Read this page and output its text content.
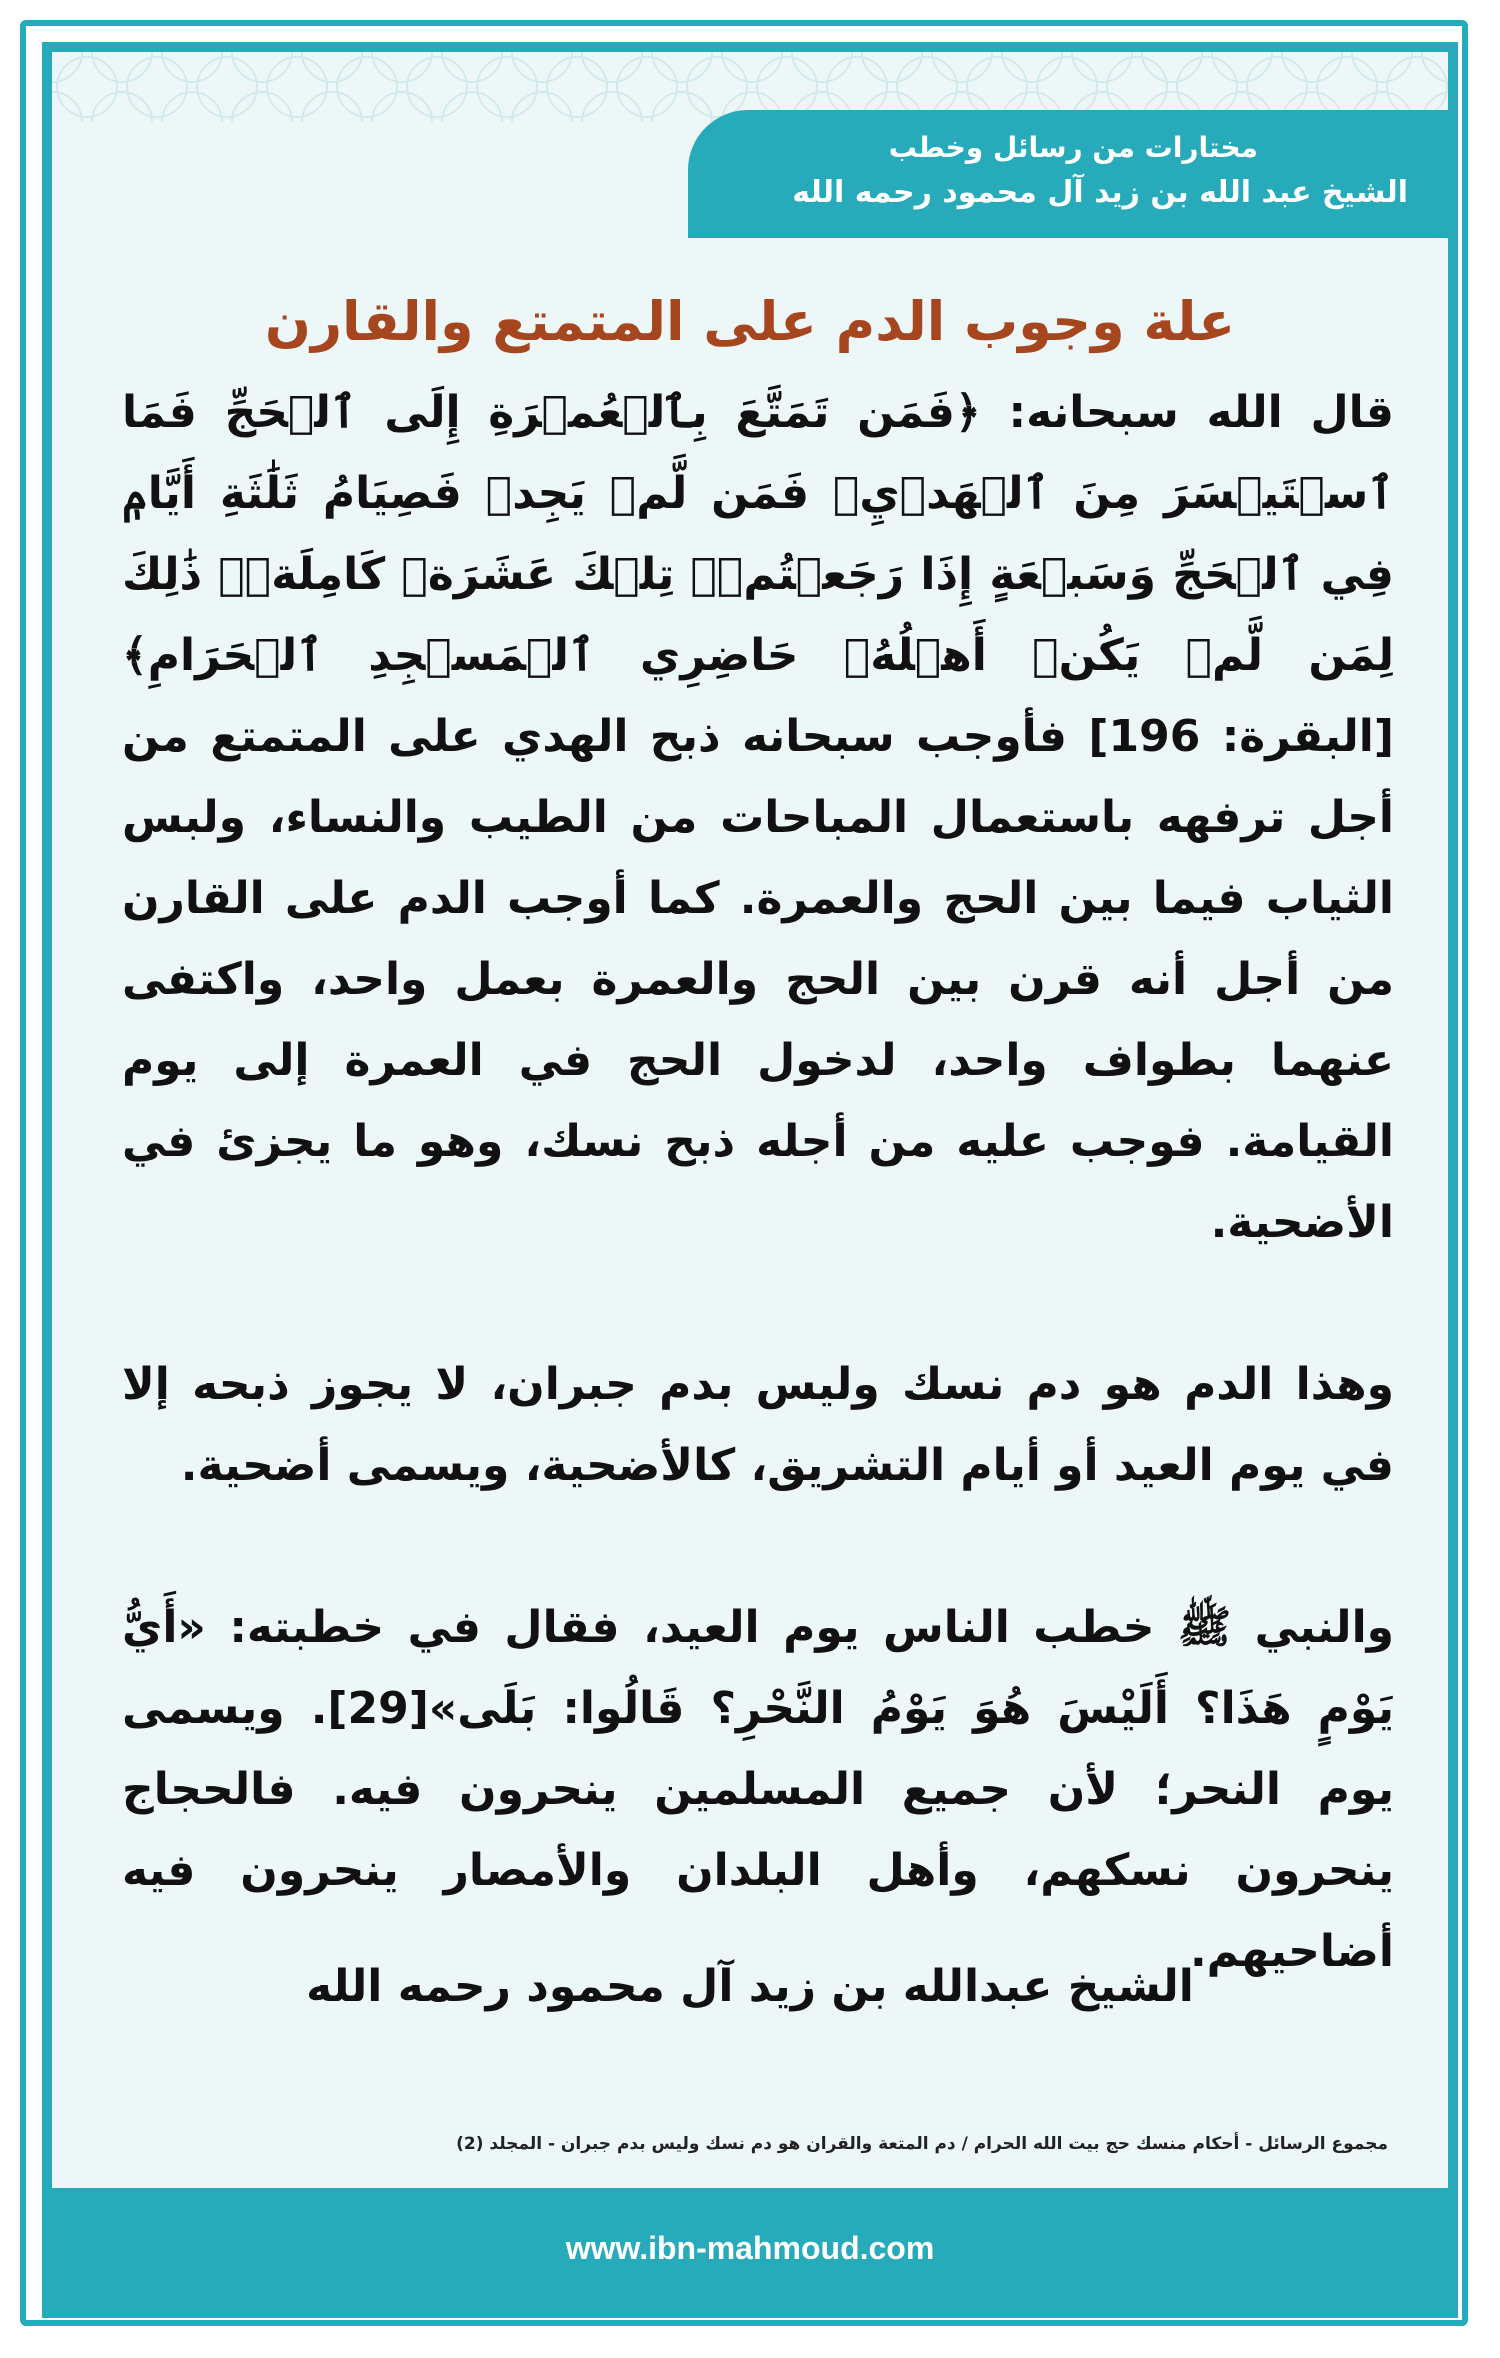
مختارات من رسائل وخطب
الشيخ عبد الله بن زيد آل محمود رحمه الله
علة وجوب الدم على المتمتع والقارن

قال الله سبحانه: ﴿فَمَن تَمَتَّعَ بِٱلۡعُمۡرَةِ إِلَى ٱلۡحَجِّ فَمَا ٱسۡتَيۡسَرَ مِنَ ٱلۡهَدۡيِۚ فَمَن لَّمۡ يَجِدۡ فَصِيَامُ ثَلَٰثَةِ أَيَّامٖ فِي ٱلۡحَجِّ وَسَبۡعَةٍ إِذَا رَجَعۡتُمۡۗ تِلۡكَ عَشَرَةٞ كَامِلَةٞۗ ذَٰلِكَ لِمَن لَّمۡ يَكُنۡ أَهۡلُهُۥ حَاضِرِي ٱلۡمَسۡجِدِ ٱلۡحَرَامِ﴾ [البقرة: 196] فأوجب سبحانه ذبح الهدي على المتمتع من أجل ترفهه باستعمال المباحات من الطيب والنساء، ولبس الثياب فيما بين الحج والعمرة. كما أوجب الدم على القارن من أجل أنه قرن بين الحج والعمرة بعمل واحد، واكتفى عنهما بطواف واحد، لدخول الحج في العمرة إلى يوم القيامة. فوجب عليه من أجله ذبح نسك، وهو ما يجزئ في الأضحية.

وهذا الدم هو دم نسك وليس بدم جبران، لا يجوز ذبحه إلا في يوم العيد أو أيام التشريق، كالأضحية، ويسمى أضحية.

والنبي ﷺ خطب الناس يوم العيد، فقال في خطبته: «أَيُّ يَوْمٍ هَذَا؟ أَلَيْسَ هُوَ يَوْمُ النَّحْرِ؟ قَالُوا: بَلَى»[29]. ويسمى يوم النحر؛ لأن جميع المسلمين ينحرون فيه. فالحجاج ينحرون نسكهم، وأهل البلدان والأمصار ينحرون فيه أضاحيهم.

الشيخ عبدالله بن زيد آل محمود رحمه الله
مجموع الرسائل - أحكام منسك حج بيت الله الحرام / دم المتعة والقران هو دم نسك وليس بدم جبران - المجلد (2)
www.ibn-mahmoud.com
